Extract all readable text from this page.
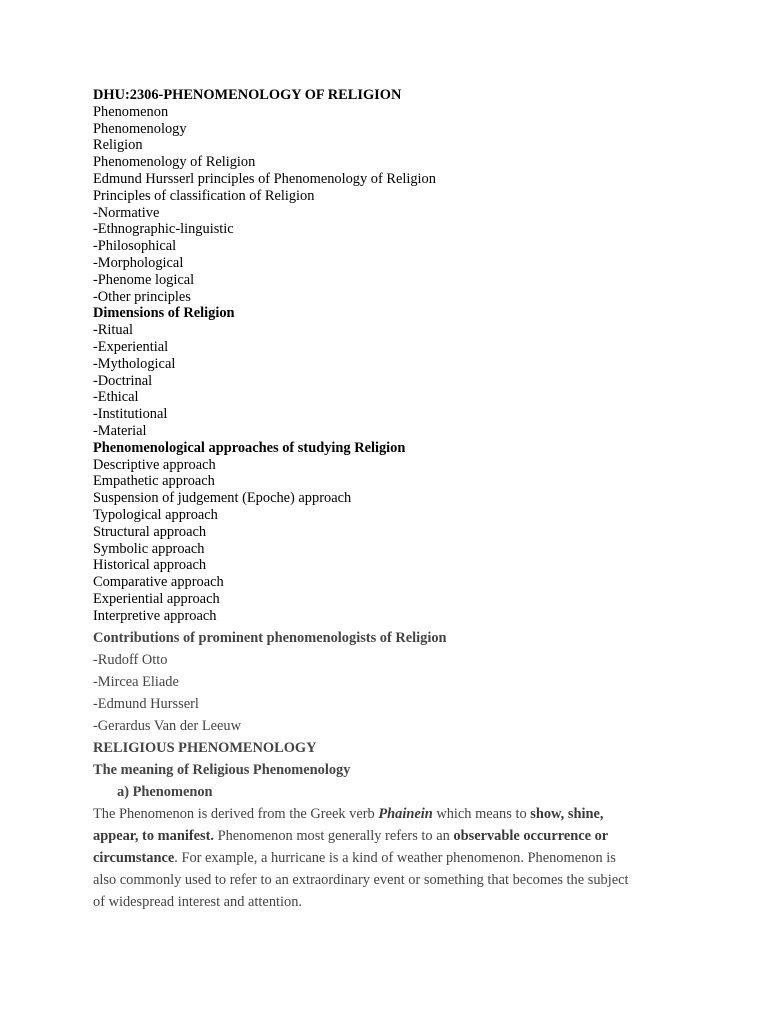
DHU:2306-PHENOMENOLOGY OF RELIGION
Phenomenon
Phenomenology
Religion
Phenomenology of Religion
Edmund Hursserl principles of Phenomenology of Religion
Principles of classification of Religion
-Normative
-Ethnographic-linguistic
-Philosophical
-Morphological
-Phenome logical
-Other principles
Dimensions of Religion
-Ritual
-Experiential
-Mythological
-Doctrinal
-Ethical
-Institutional
-Material
Phenomenological approaches of studying Religion
Descriptive approach
Empathetic approach
Suspension of judgement (Epoche) approach
Typological approach
Structural approach
Symbolic approach
Historical approach
Comparative approach
Experiential approach
Interpretive approach
Contributions of prominent phenomenologists of Religion
-Rudoff Otto
-Mircea Eliade
-Edmund Hursserl
-Gerardus Van der Leeuw
RELIGIOUS PHENOMENOLOGY
The meaning of Religious Phenomenology
a) Phenomenon
The Phenomenon is derived from the Greek verb Phainein which means to show, shine,
appear, to manifest. Phenomenon most generally refers to an observable occurrence or
circumstance. For example, a hurricane is a kind of weather phenomenon. Phenomenon is
also commonly used to refer to an extraordinary event or something that becomes the subject
of widespread interest and attention.
